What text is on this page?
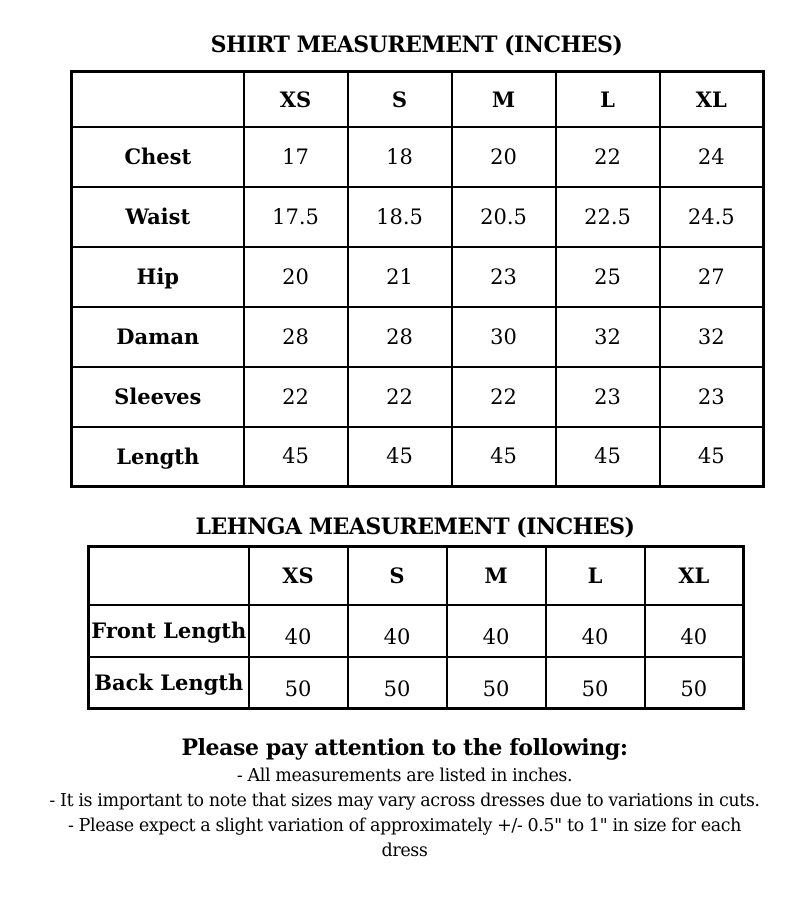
SHIRT MEASUREMENT (INCHES)
	XS	S	M	L	XL
Chest	17	18	20	22	24
Waist	17.5	18.5	20.5	22.5	24.5
Hip	20	21	23	25	27
Daman	28	28	30	32	32
Sleeves	22	22	22	23	23
Length	45	45	45	45	45
LEHNGA MEASUREMENT (INCHES)
	XS	S	M	L	XL
Front Length	40	40	40	40	40
Back Length	50	50	50	50	50
Please pay attention to the following:
- All measurements are listed in inches.
- It is important to note that sizes may vary across dresses due to variations in cuts.
- Please expect a slight variation of approximately +/- 0.5" to 1" in size for each dress
